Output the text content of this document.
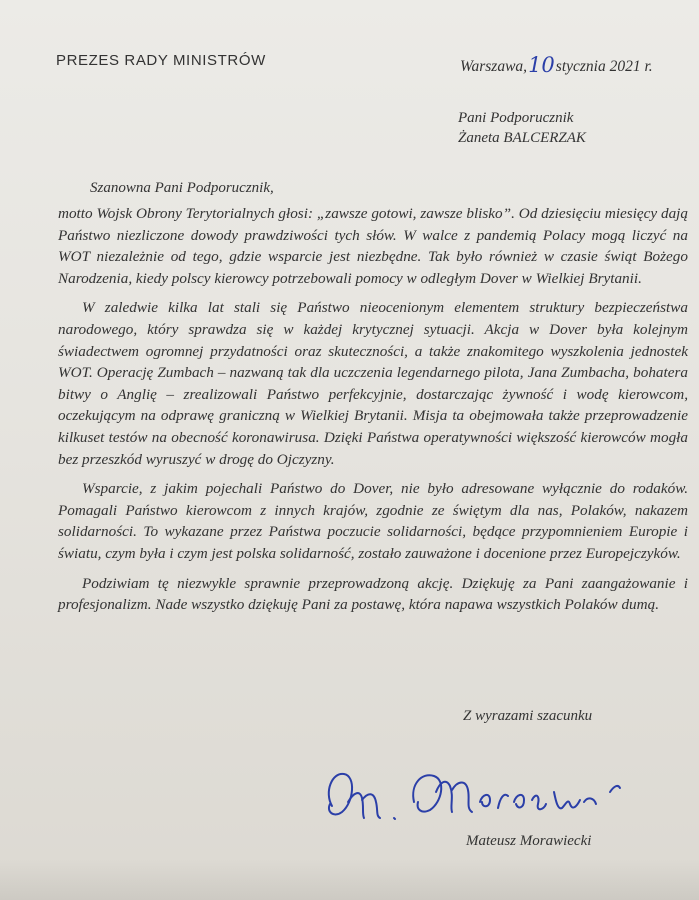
PREZES RADY MINISTRÓW	Warszawa,10stycznia 2021 r.
Pani Podporucznik
Żaneta BALCERZAK
Szanowna Pani Podporucznik,

motto Wojsk Obrony Terytorialnych głosi: „zawsze gotowi, zawsze blisko”. Od dziesięciu miesięcy dają Państwo niezliczone dowody prawdziwości tych słów. W walce z pandemią Polacy mogą liczyć na WOT niezależnie od tego, gdzie wsparcie jest niezbędne. Tak było również w czasie świąt Bożego Narodzenia, kiedy polscy kierowcy potrzebowali pomocy w odległym Dover w Wielkiej Brytanii.

W zaledwie kilka lat stali się Państwo nieocenionym elementem struktury bezpieczeństwa narodowego, który sprawdza się w każdej krytycznej sytuacji. Akcja w Dover była kolejnym świadectwem ogromnej przydatności oraz skuteczności, a także znakomitego wyszkolenia jednostek WOT. Operację Zumbach – nazwaną tak dla uczczenia legendarnego pilota, Jana Zumbacha, bohatera bitwy o Anglię – zrealizowali Państwo perfekcyjnie, dostarczając żywność i wodę kierowcom, oczekującym na odprawę graniczną w Wielkiej Brytanii. Misja ta obejmowała także przeprowadzenie kilkuset testów na obecność koronawirusa. Dzięki Państwa operatywności większość kierowców mogła bez przeszkód wyruszyć w drogę do Ojczyzny.

Wsparcie, z jakim pojechali Państwo do Dover, nie było adresowane wyłącznie do rodaków. Pomagali Państwo kierowcom z innych krajów, zgodnie ze świętym dla nas, Polaków, nakazem solidarności. To wykazane przez Państwa poczucie solidarności, będące przypomnieniem Europie i światu, czym była i czym jest polska solidarność, zostało zauważone i docenione przez Europejczyków.

Podziwiam tę niezwykle sprawnie przeprowadzoną akcję. Dziękuję za Pani zaangażowanie i profesjonalizm. Nade wszystko dziękuję Pani za postawę, która napawa wszystkich Polaków dumą.

Z wyrazami szacunku
Mateusz Morawiecki
